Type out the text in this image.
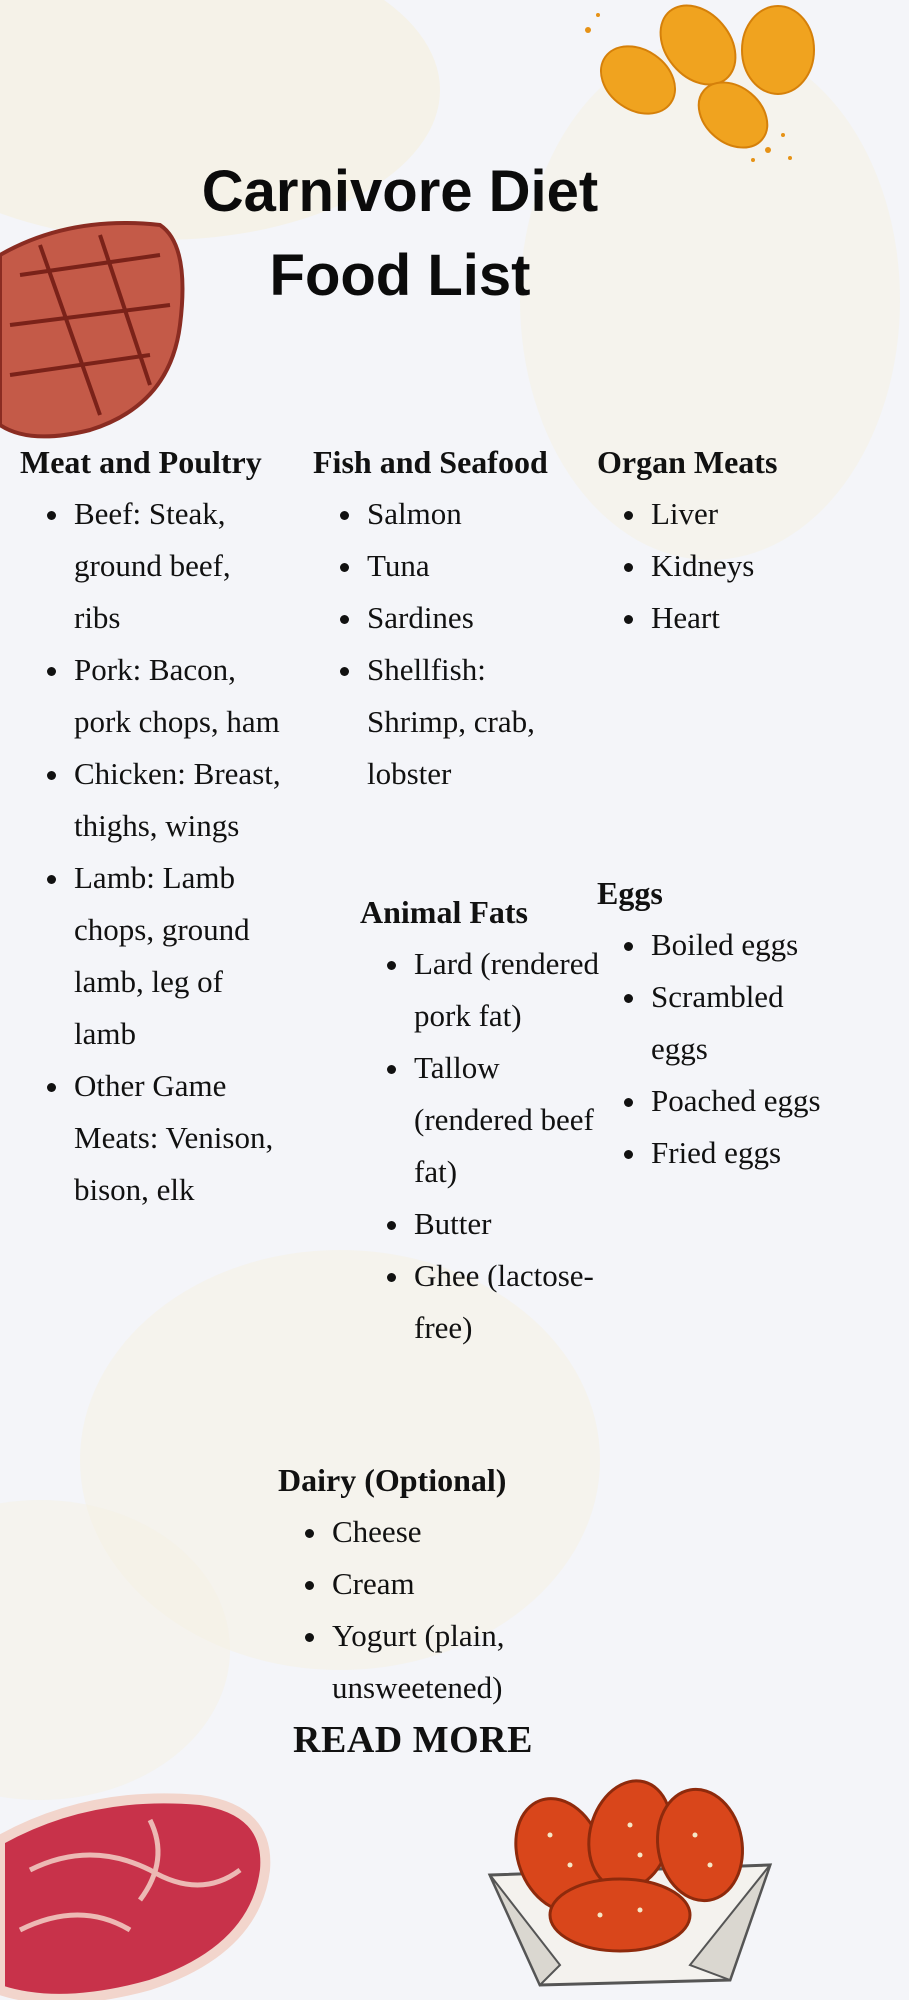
Carnivore Diet
Food List
Meat and Poultry
• Beef: Steak, ground beef, ribs
• Pork: Bacon, pork chops, ham
• Chicken: Breast, thighs, wings
• Lamb: Lamb chops, ground lamb, leg of lamb
• Other Game Meats: Venison, bison, elk
Fish and Seafood
• Salmon
• Tuna
• Sardines
• Shellfish: Shrimp, crab, lobster
Organ Meats
• Liver
• Kidneys
• Heart
Animal Fats
• Lard (rendered pork fat)
• Tallow (rendered beef fat)
• Butter
• Ghee (lactose-free)
Eggs
• Boiled eggs
• Scrambled eggs
• Poached eggs
• Fried eggs
Dairy (Optional)
• Cheese
• Cream
• Yogurt (plain, unsweetened)
READ MORE
